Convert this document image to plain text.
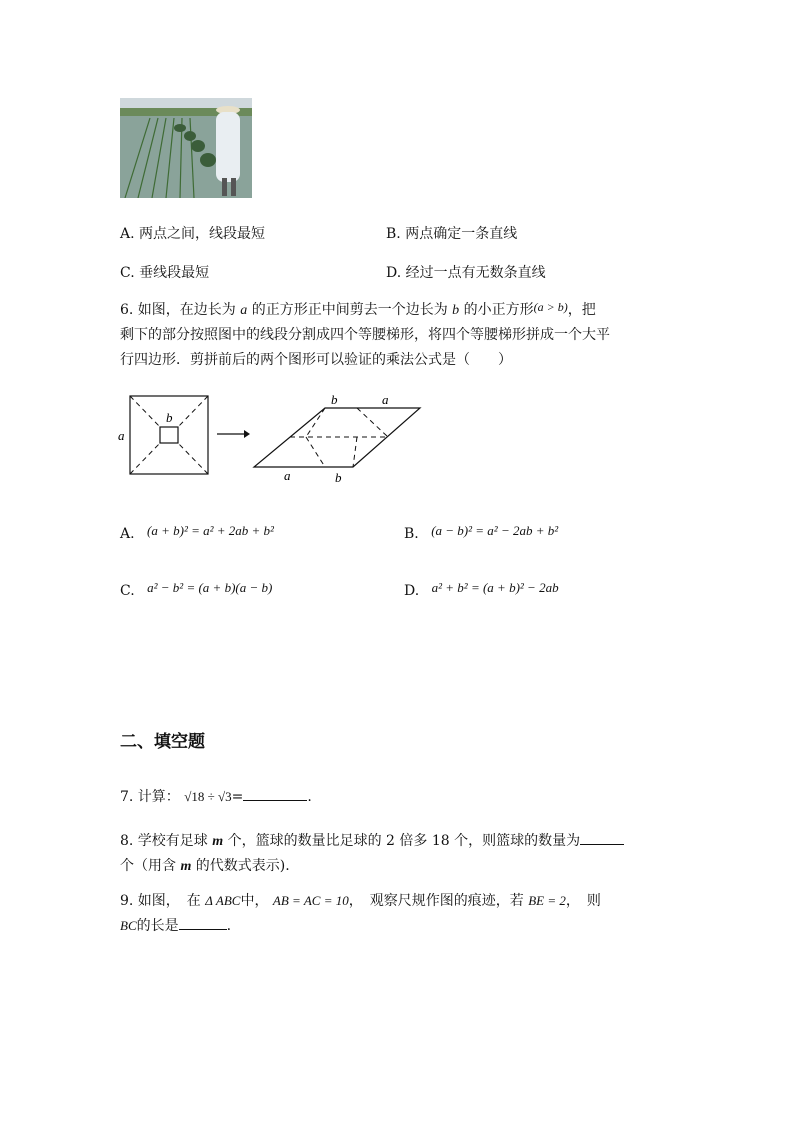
A. 两点之间，线段最短	B. 两点确定一条直线
C. 垂线段最短	D. 经过一点有无数条直线
6. 如图，在边长为 a 的正方形正中间剪去一个边长为 b 的小正方形(a > b)，把
剩下的部分按照图中的线段分割成四个等腰梯形，将四个等腰梯形拼成一个大平
行四边形．剪拼前后的两个图形可以验证的乘法公式是（　　）
a
b
b	a
a	b
A. (a + b)² = a² + 2ab + b²	B. (a − b)² = a² − 2ab + b²
C. a² − b² = (a + b)(a − b)	D. a² + b² = (a + b)² − 2ab
二、填空题
7. 计算： √18 ÷ √3=	.
8. 学校有足球 m 个，篮球的数量比足球的 2 倍多 18 个，则篮球的数量为
个（用含 m 的代数式表示).
9. 如图，　在 Δ ABC中， AB = AC = 10，　观察尺规作图的痕迹，若 BE = 2，　则
BC的长是	.
